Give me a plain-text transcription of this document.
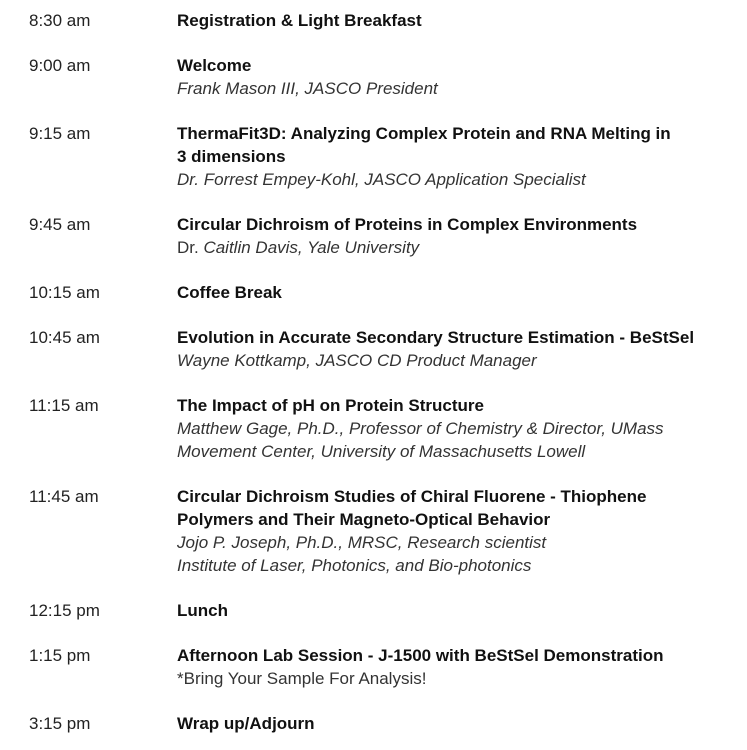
8:30 am	Registration & Light Breakfast
9:00 am	Welcome
Frank Mason III, JASCO President
9:15 am	ThermaFit3D: Analyzing Complex Protein and RNA Melting in
3 dimensions
Dr. Forrest Empey-Kohl, JASCO Application Specialist
9:45 am	Circular Dichroism of Proteins in Complex Environments
Dr. Caitlin Davis, Yale University
10:15 am	Coffee Break
10:45 am	Evolution in Accurate Secondary Structure Estimation - BeStSel
Wayne Kottkamp, JASCO CD Product Manager
11:15 am	The Impact of pH on Protein Structure
Matthew Gage, Ph.D., Professor of Chemistry & Director, UMass
Movement Center, University of Massachusetts Lowell
11:45 am	Circular Dichroism Studies of Chiral Fluorene - Thiophene
Polymers and Their Magneto-Optical Behavior
Jojo P. Joseph, Ph.D., MRSC, Research scientist
Institute of Laser, Photonics, and Bio-photonics
12:15 pm	Lunch
1:15 pm	Afternoon Lab Session - J-1500 with BeStSel Demonstration
*Bring Your Sample For Analysis!
3:15 pm	Wrap up/Adjourn
